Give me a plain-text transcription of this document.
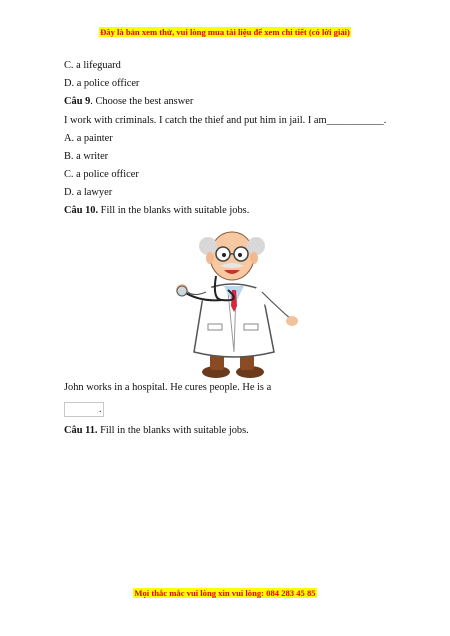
Đây là bản xem thử, vui lòng mua tài liệu để xem chi tiết (có lời giải)
C. a lifeguard
D. a police officer
Câu 9. Choose the best answer
I work with criminals. I catch the thief and put him in jail. I am___________.
A. a painter
B. a writer
C. a police officer
D. a lawyer
Câu 10. Fill in the blanks with suitable jobs.
John works in a hospital. He cures people. He is a
.
Câu 11. Fill in the blanks with suitable jobs.
Mọi thắc mắc vui lòng xin vui lòng: 084 283 45 85
